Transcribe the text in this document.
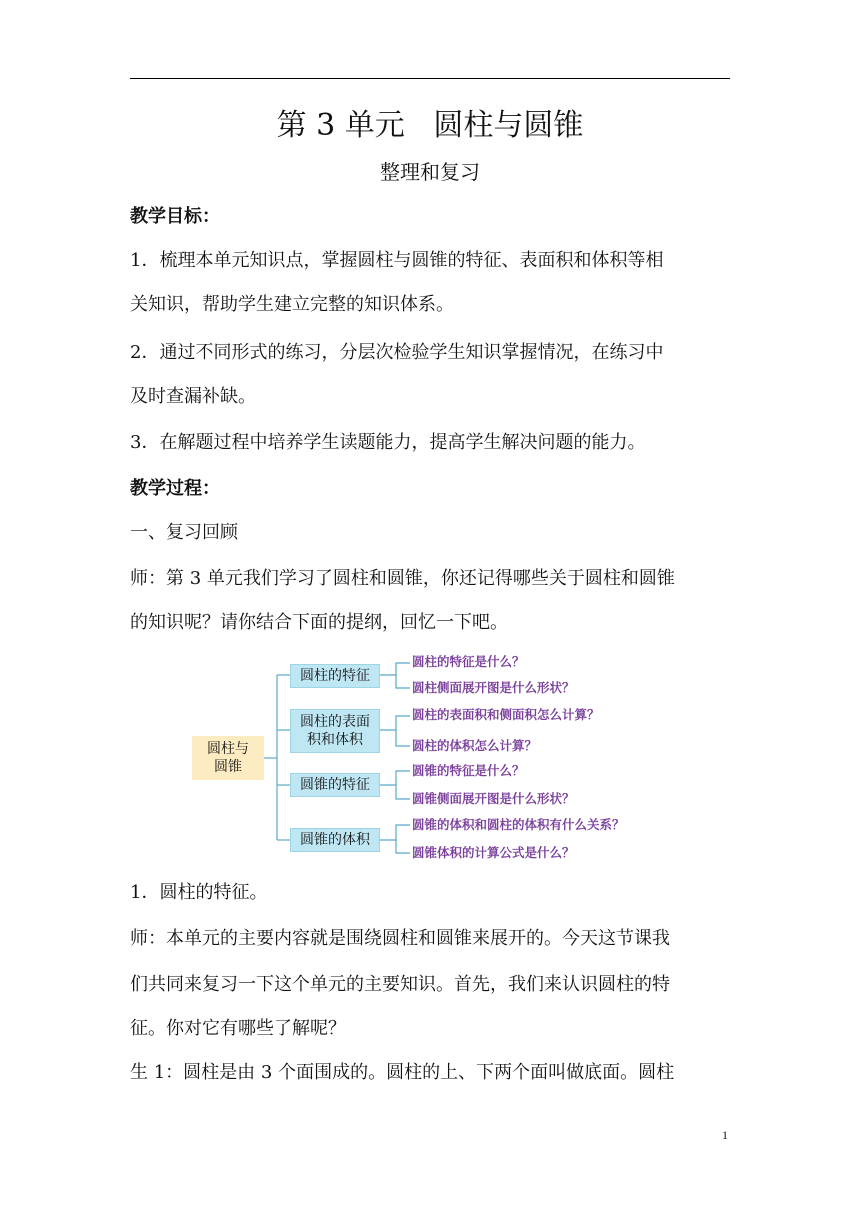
第 3 单元 圆柱与圆锥
整理和复习
教学目标：
1．梳理本单元知识点，掌握圆柱与圆锥的特征、表面积和体积等相
关知识，帮助学生建立完整的知识体系。
2．通过不同形式的练习，分层次检验学生知识掌握情况，在练习中
及时查漏补缺。
3．在解题过程中培养学生读题能力，提高学生解决问题的能力。
教学过程：
一、复习回顾
师：第 3 单元我们学习了圆柱和圆锥，你还记得哪些关于圆柱和圆锥
的知识呢？请你结合下面的提纲，回忆一下吧。
圆柱与
圆锥
圆柱的特征
圆柱的表面
积和体积
圆锥的特征
圆锥的体积
圆柱的特征是什么？
圆柱侧面展开图是什么形状？
圆柱的表面积和侧面积怎么计算？
圆柱的体积怎么计算？
圆锥的特征是什么？
圆锥侧面展开图是什么形状？
圆锥的体积和圆柱的体积有什么关系？
圆锥体积的计算公式是什么？
1．圆柱的特征。
师：本单元的主要内容就是围绕圆柱和圆锥来展开的。今天这节课我
们共同来复习一下这个单元的主要知识。首先，我们来认识圆柱的特
征。你对它有哪些了解呢？
生 1：圆柱是由 3 个面围成的。圆柱的上、下两个面叫做底面。圆柱
1
